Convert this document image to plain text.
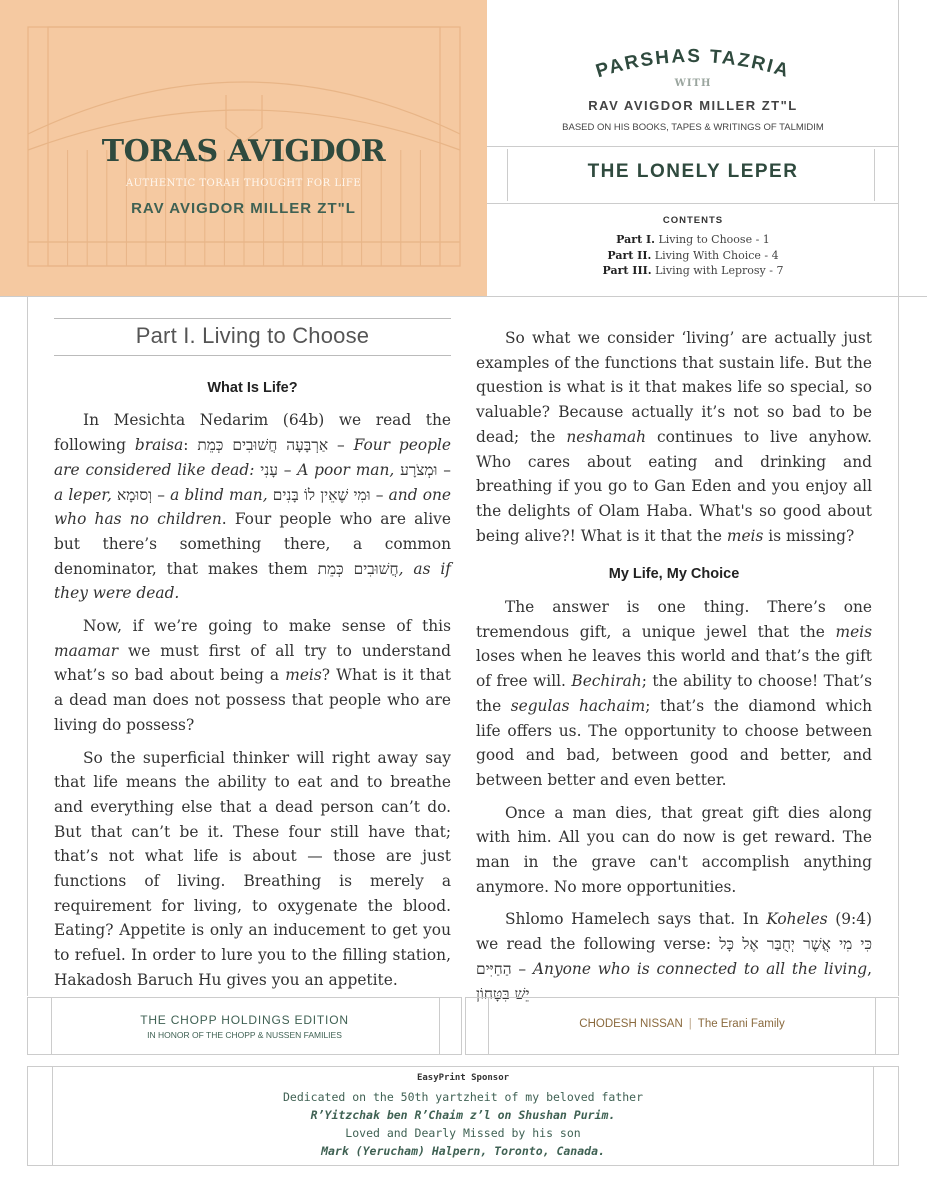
TORAS AVIGDOR
AUTHENTIC TORAH THOUGHT FOR LIFE
RAV AVIGDOR MILLER ZT"L
PARSHAS TAZRIA
WITH
RAV AVIGDOR MILLER ZT"L
BASED ON HIS BOOKS, TAPES & WRITINGS OF TALMIDIM
THE LONELY LEPER
CONTENTS
Part I. Living to Choose - 1
Part II. Living With Choice - 4
Part III. Living with Leprosy - 7
Part I. Living to Choose
What Is Life?

In Mesichta Nedarim (64b) we read the following braisa: אַרְבָּעָה חֲשׁוּבִים כְּמֵת – Four people are considered like dead: עָנִי – A poor man, וּמְצֹרָע – a leper, וְסוּמָא – a blind man, וּמִי שֶׁאֵין לוֹ בָּנִים – and one who has no children. Four people who are alive but there’s something there, a common denominator, that makes them חֲשׁוּבִים כְּמֵת, as if they were dead.

Now, if we’re going to make sense of this maamar we must first of all try to understand what’s so bad about being a meis? What is it that a dead man does not possess that people who are living do possess?

So the superficial thinker will right away say that life means the ability to eat and to breathe and everything else that a dead person can’t do. But that can’t be it. These four still have that; that’s not what life is about — those are just functions of living. Breathing is merely a requirement for living, to oxygenate the blood. Eating? Appetite is only an inducement to get you to refuel. In order to lure you to the filling station, Hakadosh Baruch Hu gives you an appetite.

So what we consider ‘living’ are actually just examples of the functions that sustain life. But the question is what is it that makes life so special, so valuable? Because actually it’s not so bad to be dead; the neshamah continues to live anyhow. Who cares about eating and drinking and breathing if you go to Gan Eden and you enjoy all the delights of Olam Haba. What's so good about being alive?! What is it that the meis is missing?

My Life, My Choice

The answer is one thing. There’s one tremendous gift, a unique jewel that the meis loses when he leaves this world and that’s the gift of free will. Bechirah; the ability to choose! That’s the segulas hachaim; that’s the diamond which life offers us. The opportunity to choose between good and bad, between good and better, and between better and even better.

Once a man dies, that great gift dies along with him. All you can do now is get reward. The man in the grave can't accomplish anything anymore. No more opportunities.

Shlomo Hamelech says that. In Koheles (9:4) we read the following verse: כִּי מִי אֲשֶׁר יְחֻבַּר אֶל כָּל הַחַיִּים – Anyone who is connected to all the living, יֵשׁ בִּטָּחוֹן

THE CHOPP HOLDINGS EDITION
IN HONOR OF THE CHOPP & NUSSEN FAMILIES
CHODESH NISSAN | The Erani Family
EasyPrint Sponsor
Dedicated on the 50th yartzheit of my beloved father
R’Yitzchak ben R’Chaim z’l on Shushan Purim.
Loved and Dearly Missed by his son
Mark (Yerucham) Halpern, Toronto, Canada.
